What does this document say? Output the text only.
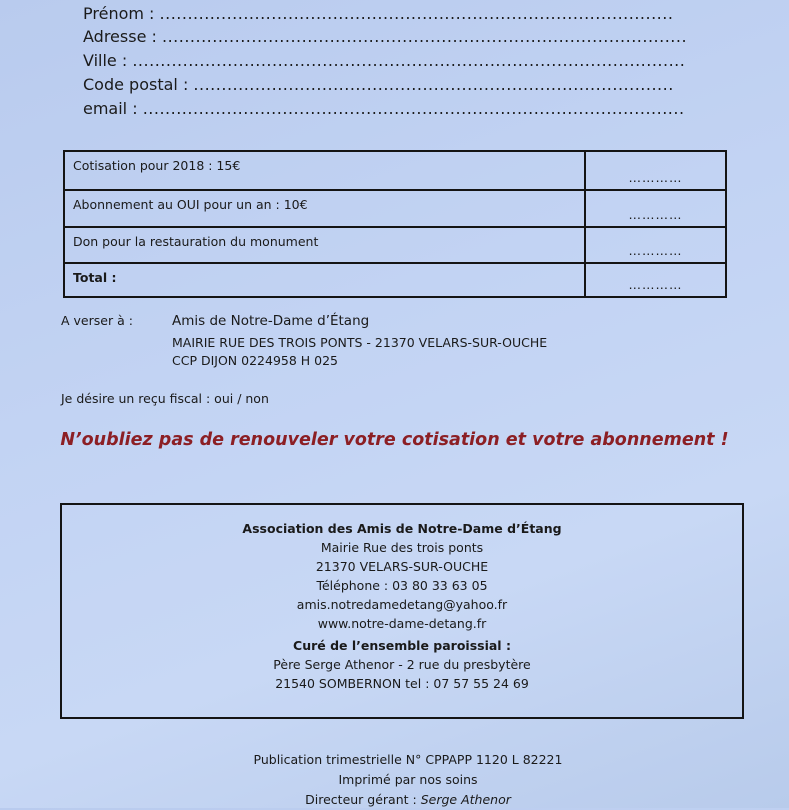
Prénom : ............................................................................................
Adresse : ..............................................................................................
Ville : ...................................................................................................
Code postal : ......................................................................................
email : .................................................................................................
Cotisation pour 2018 : 15€	…………
Abonnement au OUI pour un an : 10€	…………
Don pour la restauration du monument	…………
Total :	…………
A verser à :	Amis de Notre-Dame d’Étang
MAIRIE RUE DES TROIS PONTS - 21370 VELARS-SUR-OUCHE
CCP DIJON 0224958 H 025
Je désire un reçu fiscal : oui / non
N’oubliez pas de renouveler votre cotisation et votre abonnement !
Association des Amis de Notre-Dame d’Étang
Mairie Rue des trois ponts
21370 VELARS-SUR-OUCHE
Téléphone : 03 80 33 63 05
amis.notredamedetang@yahoo.fr
www.notre-dame-detang.fr
Curé de l’ensemble paroissial :
Père Serge Athenor - 2 rue du presbytère
21540 SOMBERNON tel : 07 57 55 24 69
Publication trimestrielle N° CPPAPP 1120 L 82221
Imprimé par nos soins
Directeur gérant : Serge Athenor
